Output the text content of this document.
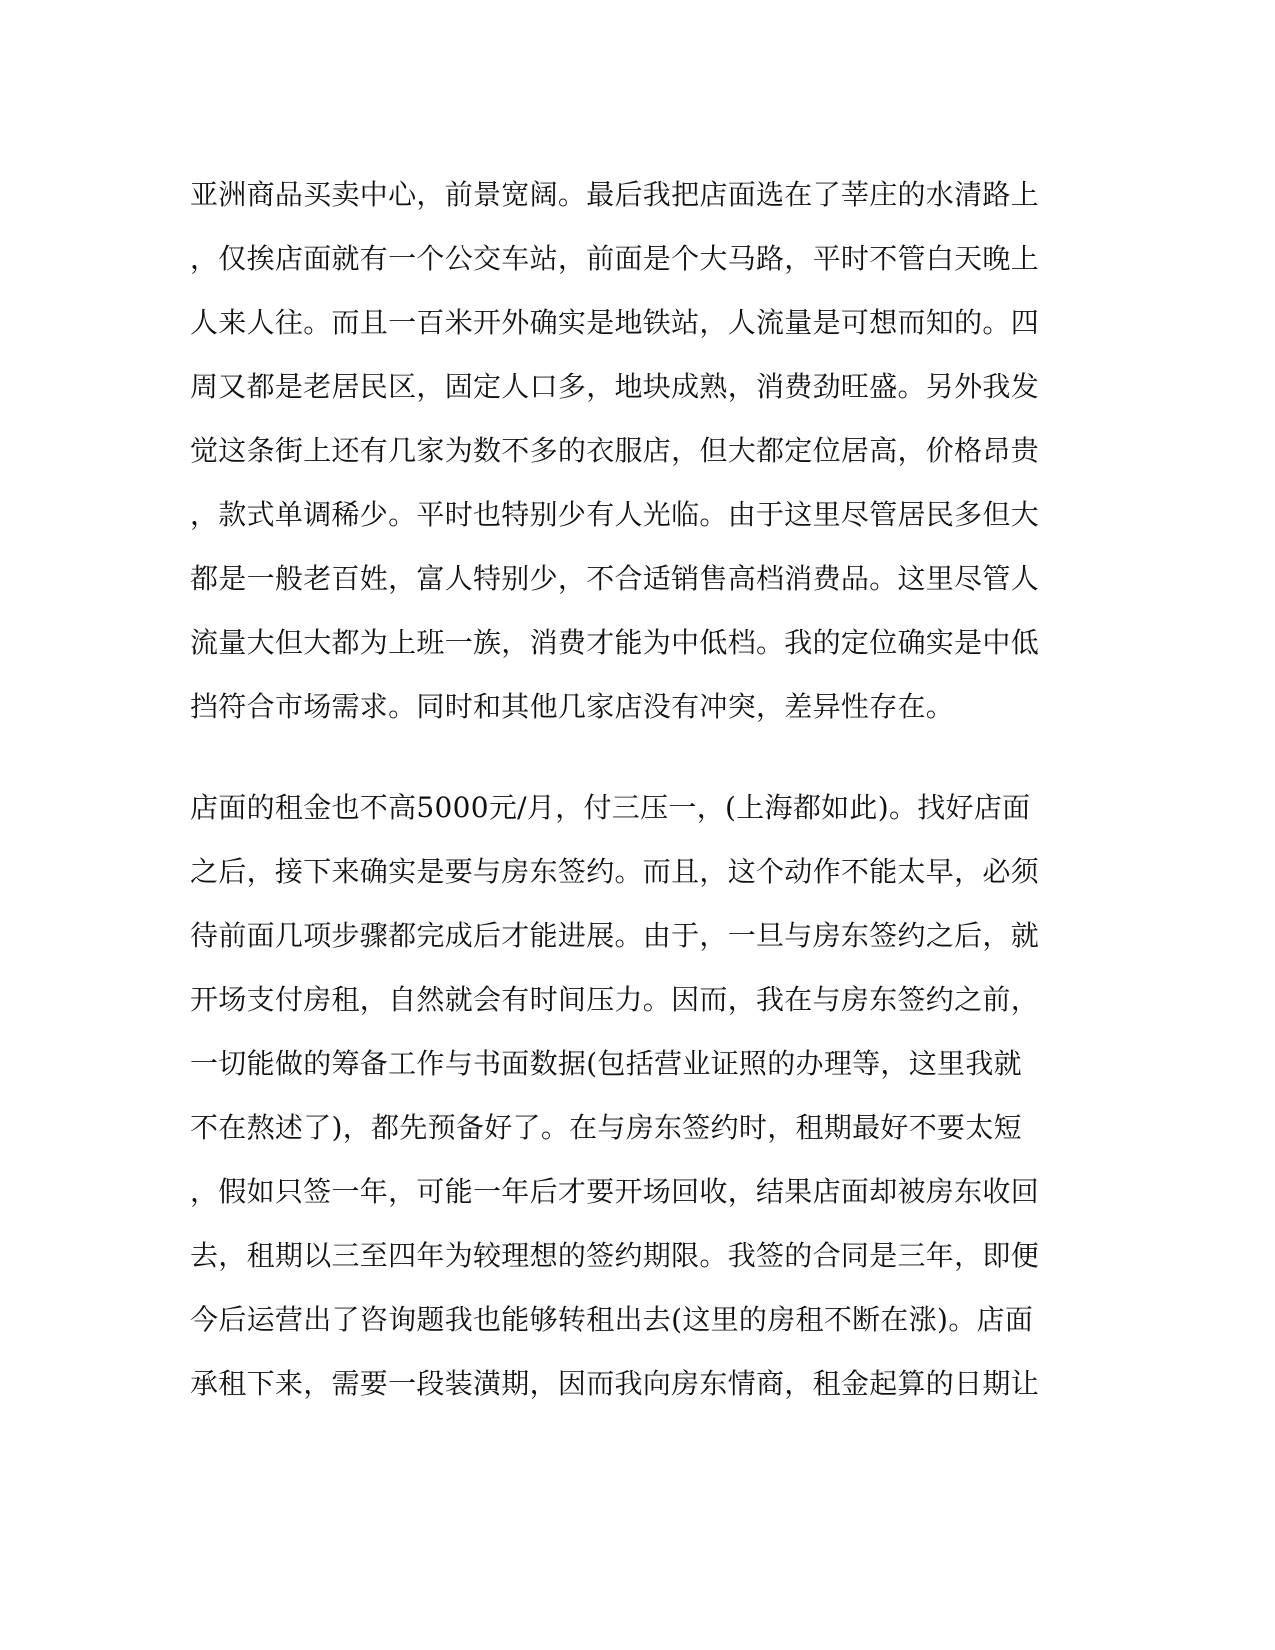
亚洲商品买卖中心，前景宽阔。最后我把店面选在了莘庄的水清路上
，仅挨店面就有一个公交车站，前面是个大马路，平时不管白天晚上
人来人往。而且一百米开外确实是地铁站，人流量是可想而知的。四
周又都是老居民区，固定人口多，地块成熟，消费劲旺盛。另外我发
觉这条街上还有几家为数不多的衣服店，但大都定位居高，价格昂贵
，款式单调稀少。平时也特别少有人光临。由于这里尽管居民多但大
都是一般老百姓，富人特别少，不合适销售高档消费品。这里尽管人
流量大但大都为上班一族，消费才能为中低档。我的定位确实是中低
挡符合市场需求。同时和其他几家店没有冲突，差异性存在。
店面的租金也不高5000元/月，付三压一，(上海都如此)。找好店面
之后，接下来确实是要与房东签约。而且，这个动作不能太早，必须
待前面几项步骤都完成后才能进展。由于，一旦与房东签约之后，就
开场支付房租，自然就会有时间压力。因而，我在与房东签约之前，
一切能做的筹备工作与书面数据(包括营业证照的办理等，这里我就
不在熬述了)，都先预备好了。在与房东签约时，租期最好不要太短
，假如只签一年，可能一年后才要开场回收，结果店面却被房东收回
去，租期以三至四年为较理想的签约期限。我签的合同是三年，即便
今后运营出了咨询题我也能够转租出去(这里的房租不断在涨)。店面
承租下来，需要一段装潢期，因而我向房东情商，租金起算的日期让
